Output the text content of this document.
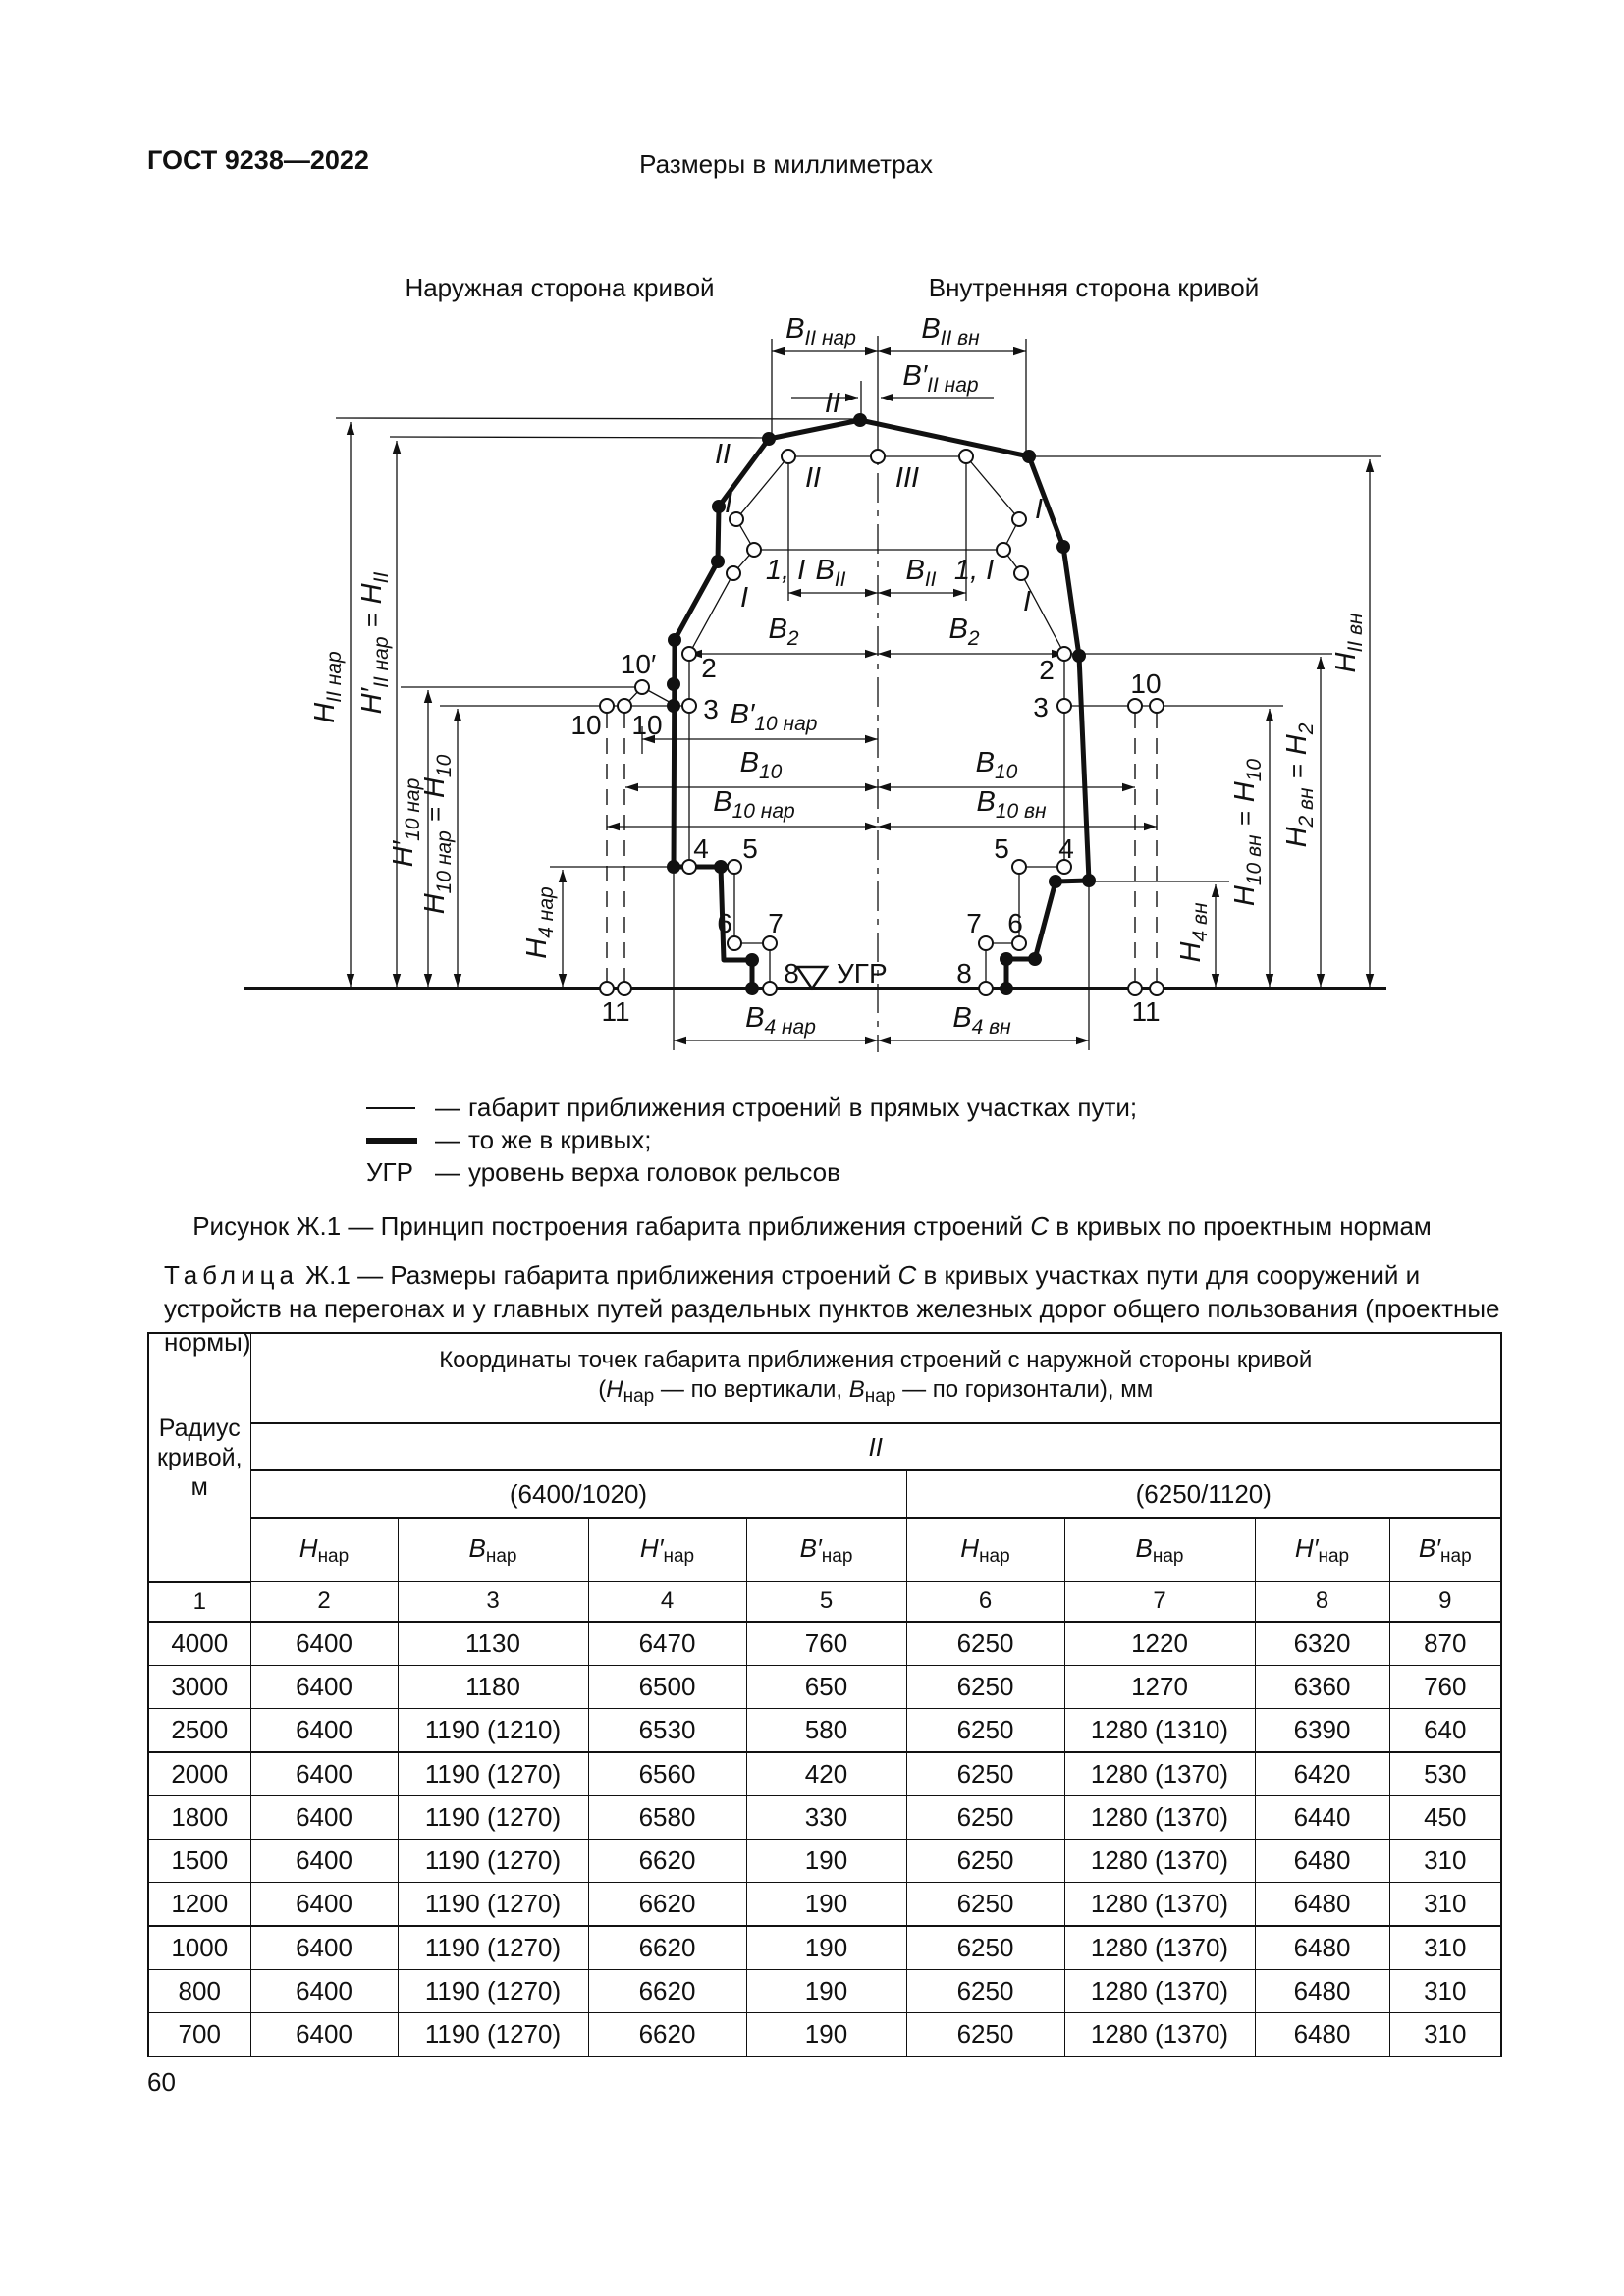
ГОСТ 9238—2022	Размеры в миллиметрах
Наружная сторона кривой	Внутренняя сторона кривой
УГР
$B_{II нар}$ $B_{II вн}$
$B'_{II нар}$
II
$B_{II}$ $B_{II}$
$B_2$	$B_2$
$B'_{10 нар}$
$B_{10}$	$B_{10}$
$B_{10 нар}$	$B_{10 вн}$
$B_{4 нар}$	$B_{4 вн}$
$H_{II нар}$
$H'_{II нар}=H_{II}$
$H'_{10 нар}$
$H_{10 нар}=H_{10}$
$H_{4 нар}$
$H_{4 вн}$
$H_{10 вн}=H_{10}$
$H_{2 вн}=H_2$
$H_{II вн}$
2
3
4 5
6 7
8
10′
10 10
11
2
3
4
5
6
7
8
10
11
II
I
II	III
1, I
I
I
1, I
I
— габарит приближения строений в прямых участках пути;
— то же в кривых;
УГР — уровень верха головок рельсов
Рисунок Ж.1 — Принцип построения габарита приближения строений С в кривых по проектным нормам
Таблица Ж.1 — Размеры габарита приближения строений С в кривых участках пути для сооружений и устройств на перегонах и у главных путей раздельных пунктов железных дорог общего пользования (проектные нормы)
Радиус кривой, м	Координаты точек габарита приближения строений с наружной стороны кривой
($H_{нар}$ — по вертикали, $B_{нар}$ — по горизонтали), мм							
	II							
	(6400/1020)				(6250/1120)			
	$H_{нар}$	$B_{нар}$	$H'_{нар}$	$B'_{нар}$	$H_{нар}$	$B_{нар}$	$H'_{нар}$	$B'_{нар}$
1	2	3	4	5	6	7	8	9
4000	6400	1130	6470	760	6250	1220	6320	870
3000	6400	1180	6500	650	6250	1270	6360	760
2500	6400	1190 (1210)	6530	580	6250	1280 (1310)	6390	640
2000	6400	1190 (1270)	6560	420	6250	1280 (1370)	6420	530
1800	6400	1190 (1270)	6580	330	6250	1280 (1370)	6440	450
1500	6400	1190 (1270)	6620	190	6250	1280 (1370)	6480	310
1200	6400	1190 (1270)	6620	190	6250	1280 (1370)	6480	310
1000	6400	1190 (1270)	6620	190	6250	1280 (1370)	6480	310
800	6400	1190 (1270)	6620	190	6250	1280 (1370)	6480	310
700	6400	1190 (1270)	6620	190	6250	1280 (1370)	6480	310
60
